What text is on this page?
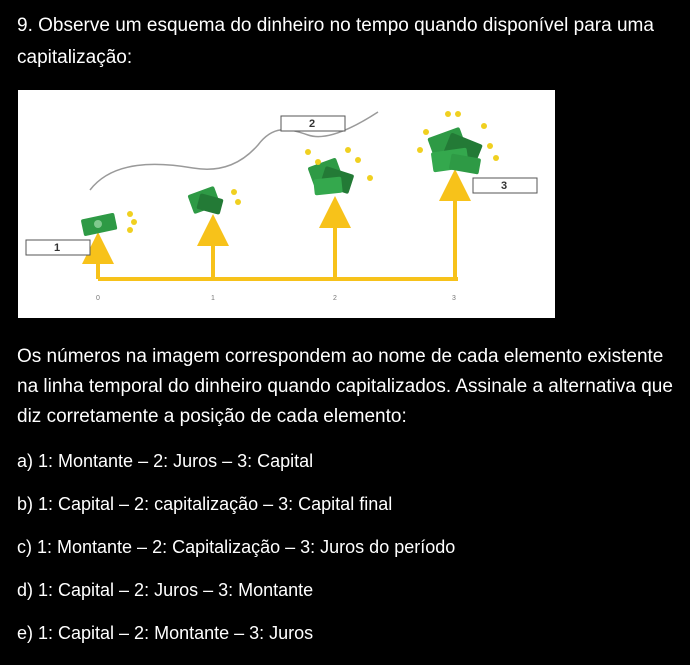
9. Observe um esquema do dinheiro no tempo quando disponível para uma capitalização:

0	1	2	3
1
2
3

Os números na imagem correspondem ao nome de cada elemento existente na linha temporal do dinheiro quando capitalizados. Assinale a alternativa que diz corretamente a posição de cada elemento:

a) 1: Montante – 2: Juros – 3: Capital
b) 1: Capital – 2: capitalização – 3: Capital final
c) 1: Montante – 2: Capitalização – 3: Juros do período
d) 1: Capital – 2: Juros – 3: Montante
e) 1: Capital – 2: Montante – 3: Juros
